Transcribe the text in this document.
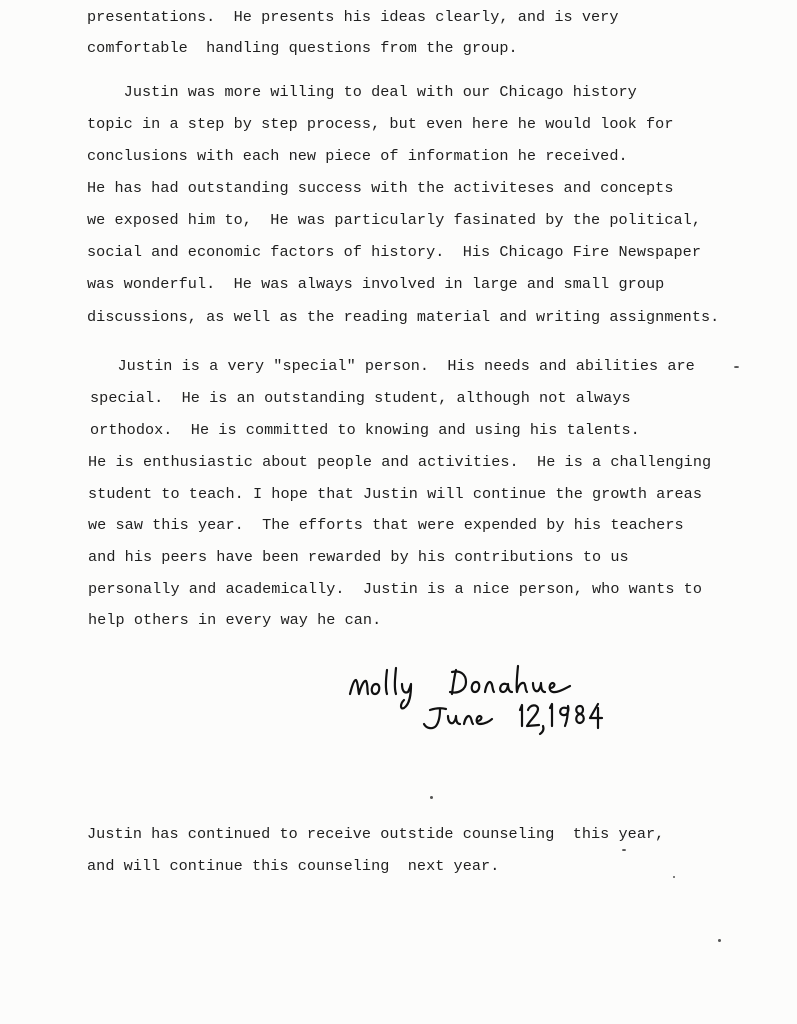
presentations.  He presents his ideas clearly, and is very
comfortable  handling questions from the group.
Justin was more willing to deal with our Chicago history
topic in a step by step process, but even here he would look for
conclusions with each new piece of information he received.
He has had outstanding success with the activiteses and concepts
we exposed him to,  He was particularly fasinated by the political,
social and economic factors of history.  His Chicago Fire Newspaper
was wonderful.  He was always involved in large and small group
discussions, as well as the reading material and writing assignments.
Justin is a very "special" person.  His needs and abilities are
special.  He is an outstanding student, although not always
orthodox.  He is committed to knowing and using his talents.
He is enthusiastic about people and activities.  He is a challenging
student to teach. I hope that Justin will continue the growth areas
we saw this year.  The efforts that were expended by his teachers
and his peers have been rewarded by his contributions to us
personally and academically.  Justin is a nice person, who wants to
help others in every way he can.
Justin has continued to receive outstide counseling  this year,
and will continue this counseling  next year.
